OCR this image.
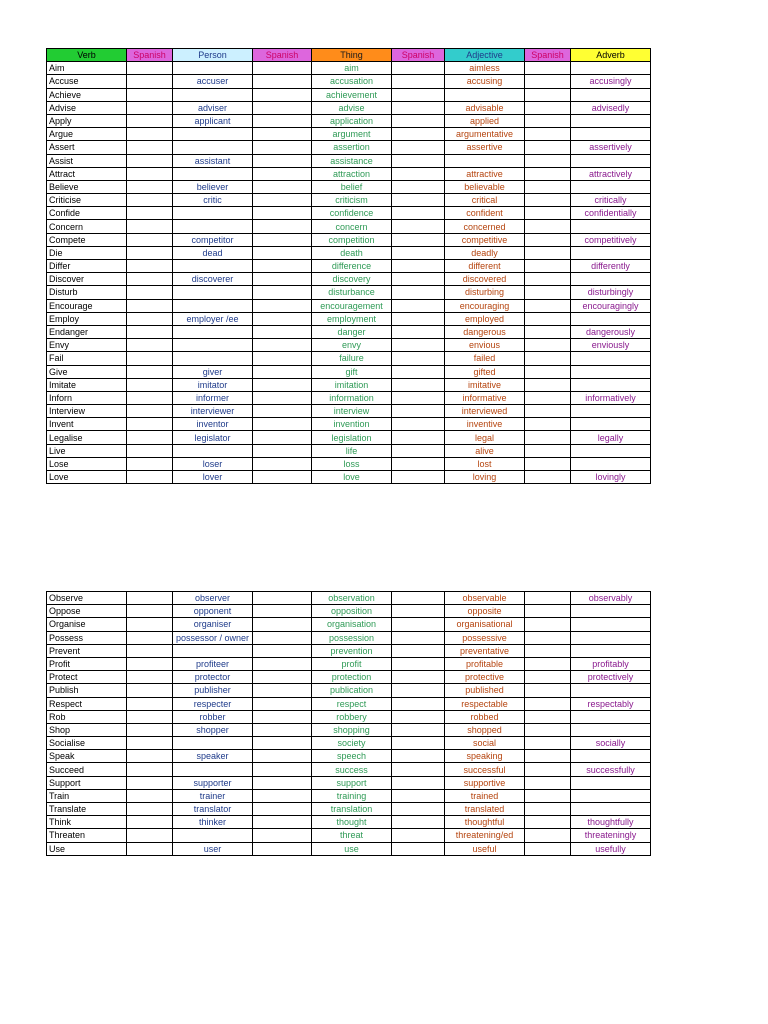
Verb	Spanish	Person	Spanish	Thing	Spanish	Adjective	Spanish	Adverb
Aim				aim		aimless		
Accuse		accuser		accusation		accusing		accusingly
Achieve				achievement				
Advise		adviser		advise		advisable		advisedly
Apply		applicant		application		applied		
Argue				argument		argumentative		
Assert				assertion		assertive		assertively
Assist		assistant		assistance				
Attract				attraction		attractive		attractively
Believe		believer		belief		believable		
Criticise		critic		criticism		critical		critically
Confide				confidence		confident		confidentially
Concern				concern		concerned		
Compete		competitor		competition		competitive		competitively
Die		dead		death		deadly		
Differ				difference		different		differently
Discover		discoverer		discovery		discovered		
Disturb				disturbance		disturbing		disturbingly
Encourage				encouragement		encouraging		encouragingly
Employ		employer /ee		employment		employed		
Endanger				danger		dangerous		dangerously
Envy				envy		envious		enviously
Fail				failure		failed		
Give		giver		gift		gifted		
Imitate		imitator		imitation		imitative		
Inforn		informer		information		informative		informatively
Interview		interviewer		interview		interviewed		
Invent		inventor		invention		inventive		
Legalise		legislator		legislation		legal		legally
Live				life		alive		
Lose		loser		loss		lost		
Love		lover		love		loving		lovingly
Observe		observer		observation		observable		observably
Oppose		opponent		opposition		opposite		
Organise		organiser		organisation		organisational		
Possess		possessor / owner		possession		possessive		
Prevent				prevention		preventative		
Profit		profiteer		profit		profitable		profitably
Protect		protector		protection		protective		protectively
Publish		publisher		publication		published		
Respect		respecter		respect		respectable		respectably
Rob		robber		robbery		robbed		
Shop		shopper		shopping		shopped		
Socialise				society		social		socially
Speak		speaker		speech		speaking		
Succeed				success		successful		successfully
Support		supporter		support		supportive		
Train		trainer		training		trained		
Translate		translator		translation		translated		
Think		thinker		thought		thoughtful		thoughtfully
Threaten				threat		threatening/ed		threateningly
Use		user		use		useful		usefully
